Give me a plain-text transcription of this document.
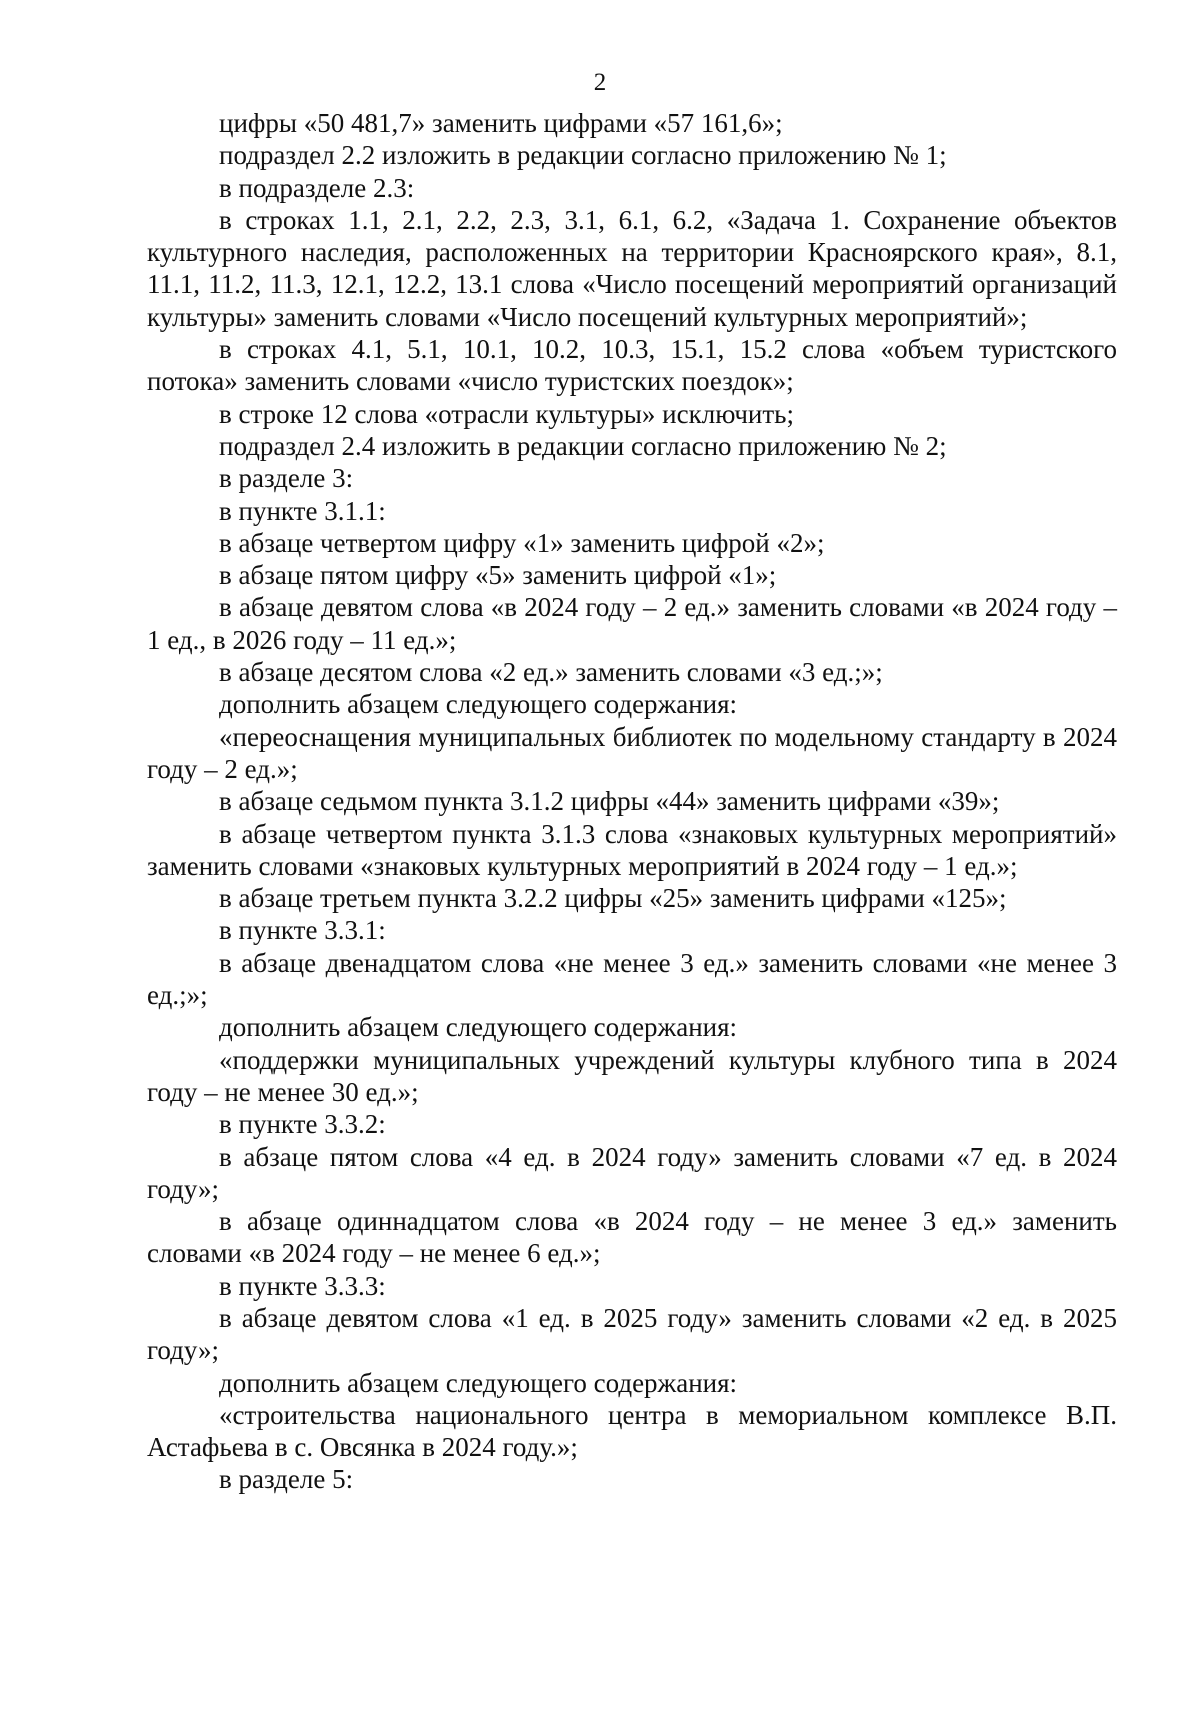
2

цифры «50 481,7» заменить цифрами «57 161,6»;

подраздел 2.2 изложить в редакции согласно приложению № 1;

в подразделе 2.3:

в строках 1.1, 2.1, 2.2, 2.3, 3.1, 6.1, 6.2, «Задача 1. Сохранение объектов культурного наследия, расположенных на территории Красноярского края», 8.1, 11.1, 11.2, 11.3, 12.1, 12.2, 13.1 слова «Число посещений мероприятий организаций культуры» заменить словами «Число посещений культурных мероприятий»;

в строках 4.1, 5.1, 10.1, 10.2, 10.3, 15.1, 15.2 слова «объем туристского потока» заменить словами «число туристских поездок»;

в строке 12 слова «отрасли культуры» исключить;

подраздел 2.4 изложить в редакции согласно приложению № 2;

в разделе 3:

в пункте 3.1.1:

в абзаце четвертом цифру «1» заменить цифрой «2»;

в абзаце пятом цифру «5» заменить цифрой «1»;

в абзаце девятом слова «в 2024 году – 2 ед.» заменить словами «в 2024 году – 1 ед., в 2026 году – 11 ед.»;

в абзаце десятом слова «2 ед.» заменить словами «3 ед.;»;

дополнить абзацем следующего содержания:

«переоснащения муниципальных библиотек по модельному стандарту в 2024 году – 2 ед.»;

в абзаце седьмом пункта 3.1.2 цифры «44» заменить цифрами «39»;

в абзаце четвертом пункта 3.1.3 слова «знаковых культурных мероприятий» заменить словами «знаковых культурных мероприятий в 2024 году – 1 ед.»;

в абзаце третьем пункта 3.2.2 цифры «25» заменить цифрами «125»;

в пункте 3.3.1:

в абзаце двенадцатом слова «не менее 3 ед.» заменить словами «не менее 3 ед.;»;

дополнить абзацем следующего содержания:

«поддержки муниципальных учреждений культуры клубного типа в 2024 году – не менее 30 ед.»;

в пункте 3.3.2:

в абзаце пятом слова «4 ед. в 2024 году» заменить словами «7 ед. в 2024 году»;

в абзаце одиннадцатом слова «в 2024 году – не менее 3 ед.» заменить словами «в 2024 году – не менее 6 ед.»;

в пункте 3.3.3:

в абзаце девятом слова «1 ед. в 2025 году» заменить словами «2 ед. в 2025 году»;

дополнить абзацем следующего содержания:

«строительства национального центра в мемориальном комплексе В.П. Астафьева в с. Овсянка в 2024 году.»;

в разделе 5:
